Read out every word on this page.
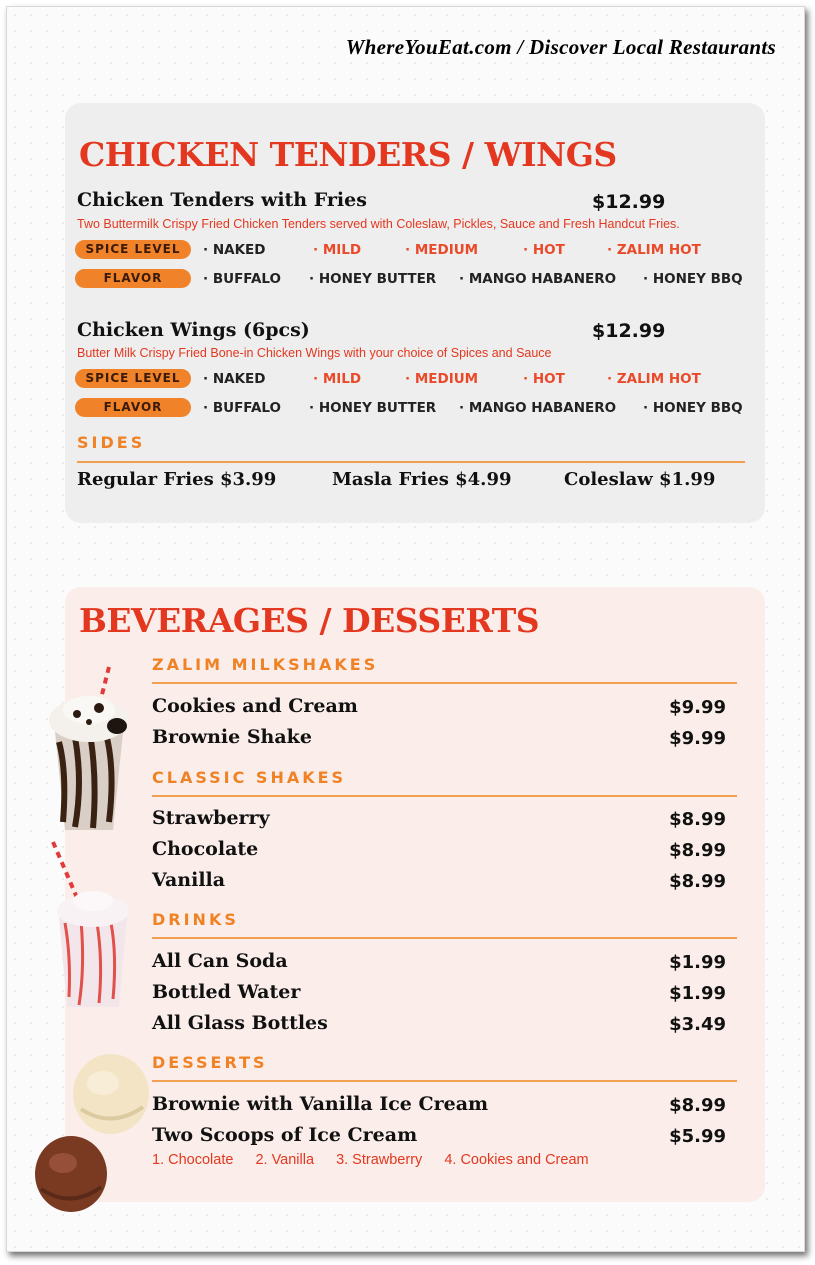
WhereYouEat.com / Discover Local Restaurants
CHICKEN TENDERS / WINGS
Chicken Tenders with Fries	$12.99
Two Buttermilk Crispy Fried Chicken Tenders served with Coleslaw, Pickles, Sauce and Fresh Handcut Fries.
SPICE LEVEL	· NAKED	· MILD	· MEDIUM	· HOT	· ZALIM HOT
FLAVOR	· BUFFALO · HONEY BUTTER · MANGO HABANERO · HONEY BBQ
Chicken Wings (6pcs)	$12.99
Butter Milk Crispy Fried Bone-in Chicken Wings with your choice of Spices and Sauce
SPICE LEVEL	· NAKED	· MILD	· MEDIUM	· HOT	· ZALIM HOT
FLAVOR	· BUFFALO · HONEY BUTTER · MANGO HABANERO · HONEY BBQ
SIDES
Regular Fries $3.99	Masla Fries $4.99	Coleslaw $1.99
BEVERAGES / DESSERTS
ZALIM MILKSHAKES
Cookies and Cream	$9.99
Brownie Shake	$9.99
CLASSIC SHAKES
Strawberry	$8.99
Chocolate	$8.99
Vanilla	$8.99
DRINKS
All Can Soda	$1.99
Bottled Water	$1.99
All Glass Bottles	$3.49
DESSERTS
Brownie with Vanilla Ice Cream	$8.99
Two Scoops of Ice Cream	$5.99
1. Chocolate 2. Vanilla 3. Strawberry 4. Cookies and Cream
